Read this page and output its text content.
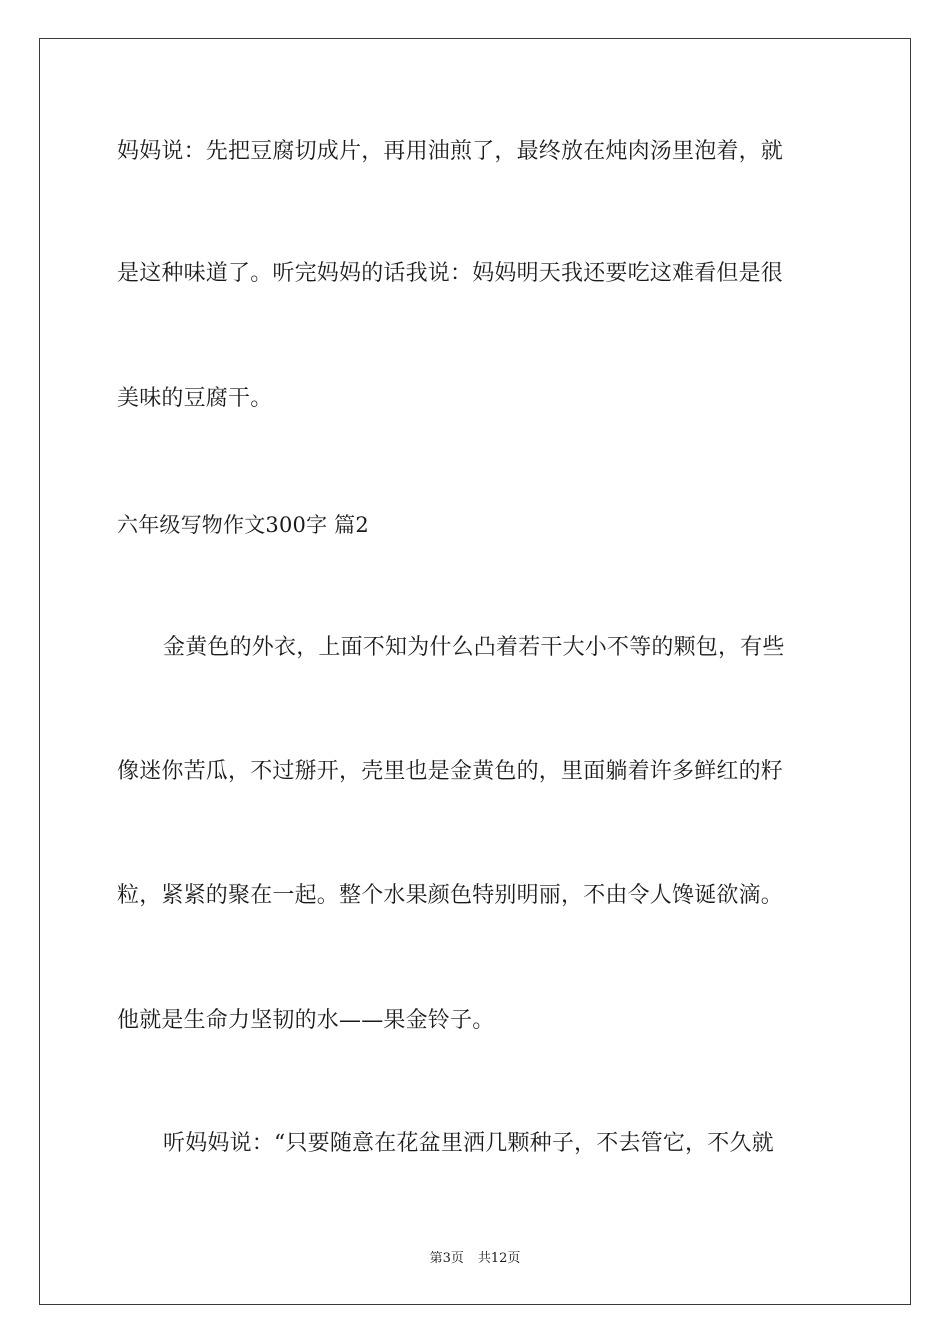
妈妈说：先把豆腐切成片，再用油煎了，最终放在炖肉汤里泡着，就
是这种味道了。听完妈妈的话我说：妈妈明天我还要吃这难看但是很
美味的豆腐干。
六年级写物作文300字 篇2
金黄色的外衣，上面不知为什么凸着若干大小不等的颗包，有些
像迷你苦瓜，不过掰开，壳里也是金黄色的，里面躺着许多鲜红的籽
粒，紧紧的聚在一起。整个水果颜色特别明丽，不由令人馋诞欲滴。
他就是生命力坚韧的水——果金铃子。
听妈妈说：“只要随意在花盆里洒几颗种子，不去管它，不久就
第3页 共12页
